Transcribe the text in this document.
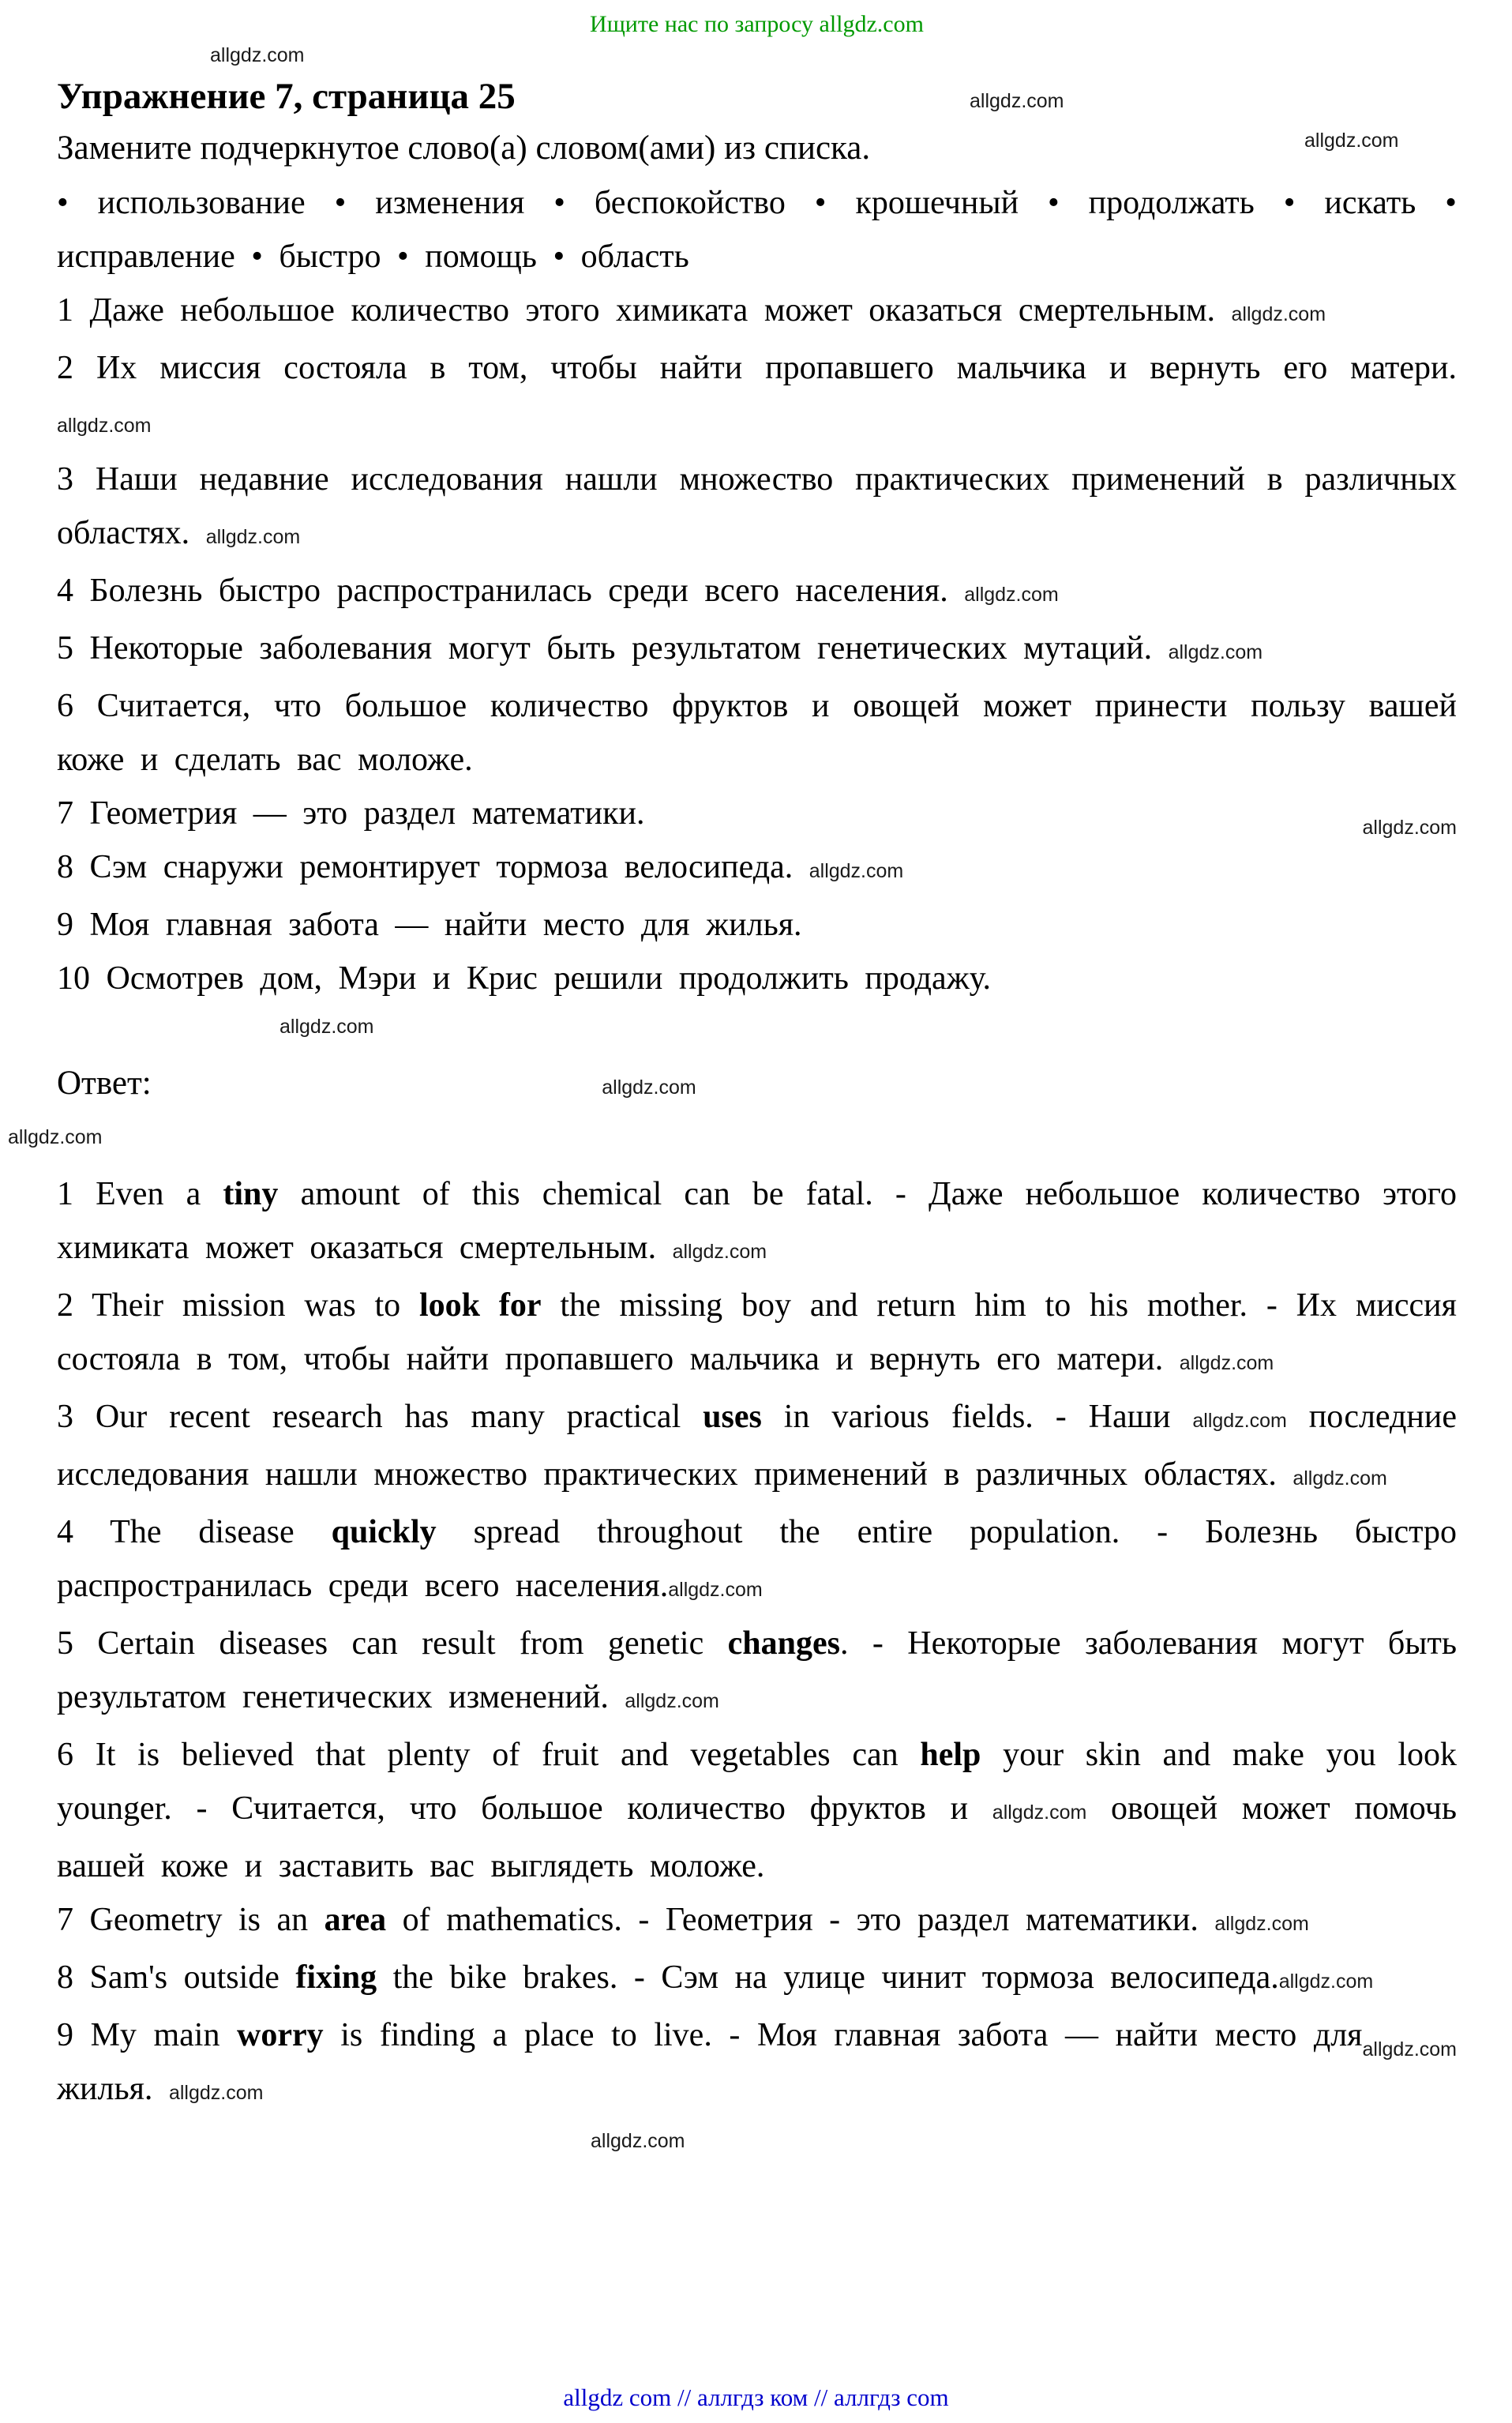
Ищите нас по запросу allgdz.com
allgdz.com
allgdz.com
allgdz.com
Упражнение 7, страница 25

Замените подчеркнутое слово(а) словом(ами) из списка.

• использование • изменения • беспокойство • крошечный • продолжать • искать • исправление • быстро • помощь • область

1 Даже небольшое количество этого химиката может оказаться смертельным. allgdz.com

2 Их миссия состояла в том, чтобы найти пропавшего мальчика и вернуть его матери. allgdz.com

3 Наши недавние исследования нашли множество практических применений в различных областях. allgdz.com

4 Болезнь быстро распространилась среди всего населения. allgdz.com

5 Некоторые заболевания могут быть результатом генетических мутаций. allgdz.com

6 Считается, что большое количество фруктов и овощей может принести пользу вашей коже и сделать вас моложе.

allgdz.com
7 Геометрия — это раздел математики.

8 Сэм снаружи ремонтирует тормоза велосипеда. allgdz.com

9 Моя главная забота — найти место для жилья.

10 Осмотрев дом, Мэри и Крис решили продолжить продажу.

allgdz.com
Ответ:	allgdz.com
allgdz.com

1 Even a tiny amount of this chemical can be fatal. - Даже небольшое количество этого химиката может оказаться смертельным. allgdz.com

2 Their mission was to look for the missing boy and return him to his mother. - Их миссия состояла в том, чтобы найти пропавшего мальчика и вернуть его матери. allgdz.com

3 Our recent research has many practical uses in various fields. - Наши allgdz.com последние исследования нашли множество практических применений в различных областях. allgdz.com

4 The disease quickly spread throughout the entire population. - Болезнь быстро распространилась среди всего населения.allgdz.com

5 Certain diseases can result from genetic changes. - Некоторые заболевания могут быть результатом генетических изменений. allgdz.com

6 It is believed that plenty of fruit and vegetables can help your skin and make you look younger. - Считается, что большое количество фруктов и allgdz.com овощей может помочь вашей коже и заставить вас выглядеть моложе.

7 Geometry is an area of mathematics. - Геометрия - это раздел математики. allgdz.com

8 Sam's outside fixing the bike brakes. - Сэм на улице чинит тормоза велосипеда.allgdz.com

allgdz.com
9 My main worry is finding a place to live. - Моя главная забота — найти место для жилья. allgdz.com

allgdz.com
allgdz com // аллгдз ком // аллгдз com
